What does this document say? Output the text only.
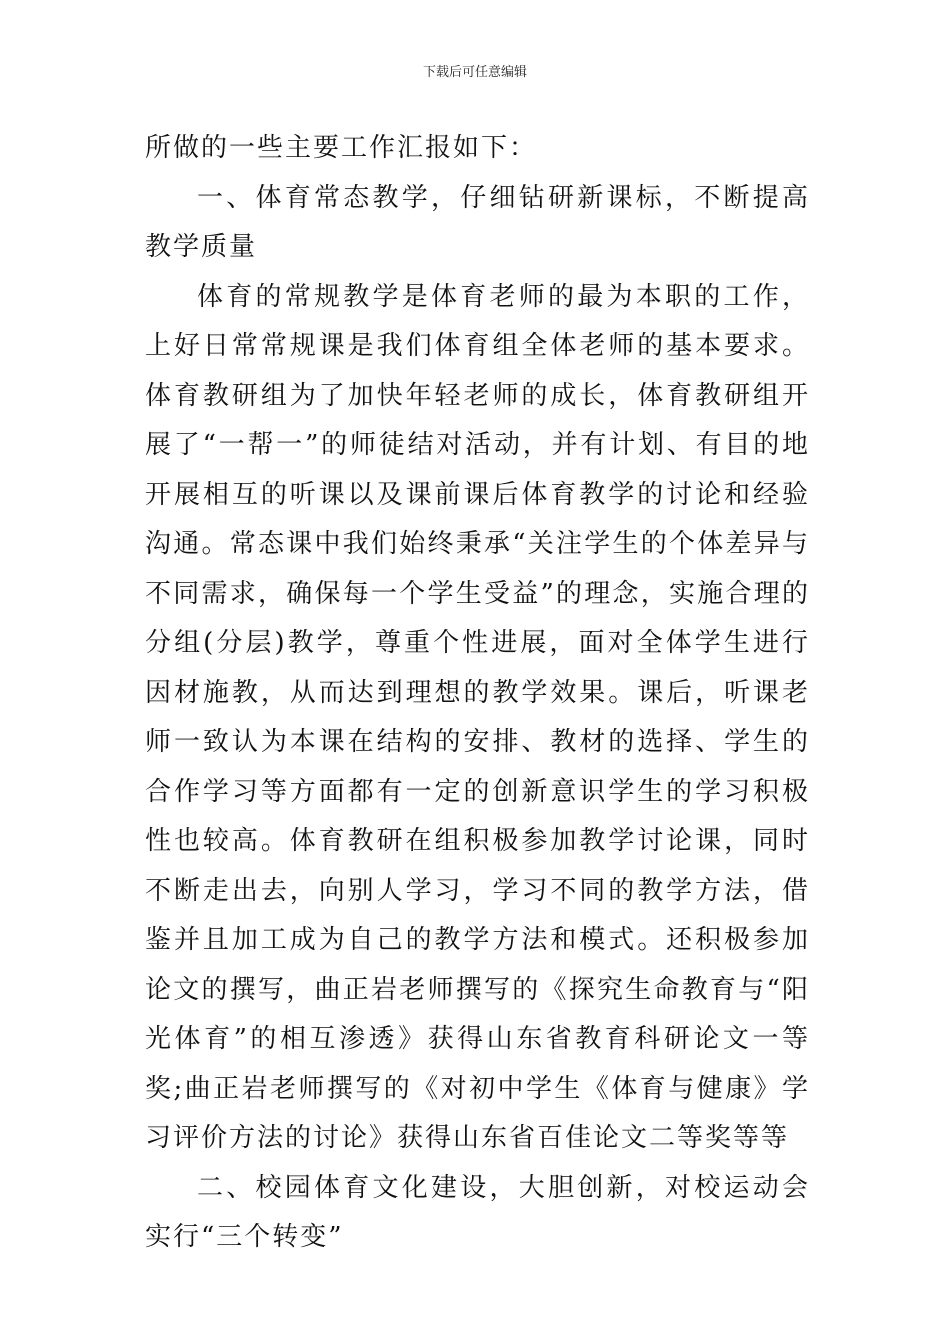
下载后可任意编辑

所做的一些主要工作汇报如下：

一、体育常态教学，仔细钻研新课标，不断提高教学质量

体育的常规教学是体育老师的最为本职的工作，上好日常常规课是我们体育组全体老师的基本要求。体育教研组为了加快年轻老师的成长，体育教研组开展了“一帮一”的师徒结对活动，并有计划、有目的地开展相互的听课以及课前课后体育教学的讨论和经验沟通。常态课中我们始终秉承“关注学生的个体差异与不同需求，确保每一个学生受益”的理念，实施合理的分组(分层)教学，尊重个性进展，面对全体学生进行因材施教，从而达到理想的教学效果。课后，听课老师一致认为本课在结构的安排、教材的选择、学生的合作学习等方面都有一定的创新意识学生的学习积极性也较高。体育教研在组积极参加教学讨论课，同时不断走出去，向别人学习，学习不同的教学方法，借鉴并且加工成为自己的教学方法和模式。还积极参加论文的撰写，曲正岩老师撰写的《探究生命教育与“阳光体育”的相互渗透》获得山东省教育科研论文一等奖;曲正岩老师撰写的《对初中学生《体育与健康》学习评价方法的讨论》获得山东省百佳论文二等奖等等

二、校园体育文化建设，大胆创新，对校运动会实行“三个转变”
